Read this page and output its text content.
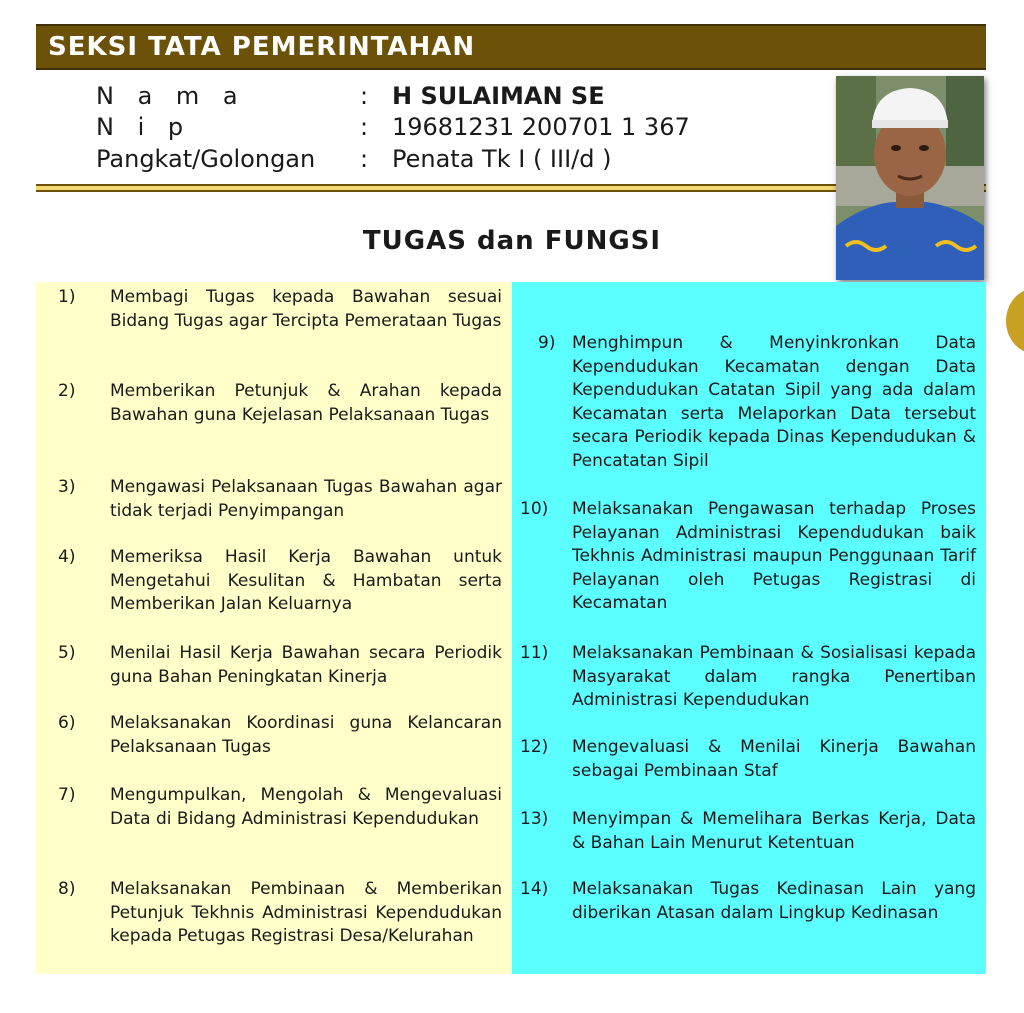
SEKSI TATA PEMERINTAHAN
N a m a	: H SULAIMAN SE
N i p	: 19681231 200701 1 367
Pangkat/Golongan : Penata Tk I ( III/d )
TUGAS dan FUNGSI
1) Membagi Tugas kepada Bawahan sesuai Bidang Tugas agar Tercipta Pemerataan Tugas
2) Memberikan Petunjuk & Arahan kepada Bawahan guna Kejelasan Pelaksanaan Tugas
3) Mengawasi Pelaksanaan Tugas Bawahan agar tidak terjadi Penyimpangan
4) Memeriksa Hasil Kerja Bawahan untuk Mengetahui Kesulitan & Hambatan serta Memberikan Jalan Keluarnya
5) Menilai Hasil Kerja Bawahan secara Periodik guna Bahan Peningkatan Kinerja
6) Melaksanakan Koordinasi guna Kelancaran Pelaksanaan Tugas
7) Mengumpulkan, Mengolah & Mengevaluasi Data di Bidang Administrasi Kependudukan
8) Melaksanakan Pembinaan & Memberikan Petunjuk Tekhnis Administrasi Kependudukan kepada Petugas Registrasi Desa/Kelurahan
9) Menghimpun & Menyinkronkan Data Kependudukan Kecamatan dengan Data Kependudukan Catatan Sipil yang ada dalam Kecamatan serta Melaporkan Data tersebut secara Periodik kepada Dinas Kependudukan & Pencatatan Sipil
10) Melaksanakan Pengawasan terhadap Proses Pelayanan Administrasi Kependudukan baik Tekhnis Administrasi maupun Penggunaan Tarif Pelayanan oleh Petugas Registrasi di Kecamatan
11) Melaksanakan Pembinaan & Sosialisasi kepada Masyarakat dalam rangka Penertiban Administrasi Kependudukan
12) Mengevaluasi & Menilai Kinerja Bawahan sebagai Pembinaan Staf
13) Menyimpan & Memelihara Berkas Kerja, Data & Bahan Lain Menurut Ketentuan
14) Melaksanakan Tugas Kedinasan Lain yang diberikan Atasan dalam Lingkup Kedinasan
